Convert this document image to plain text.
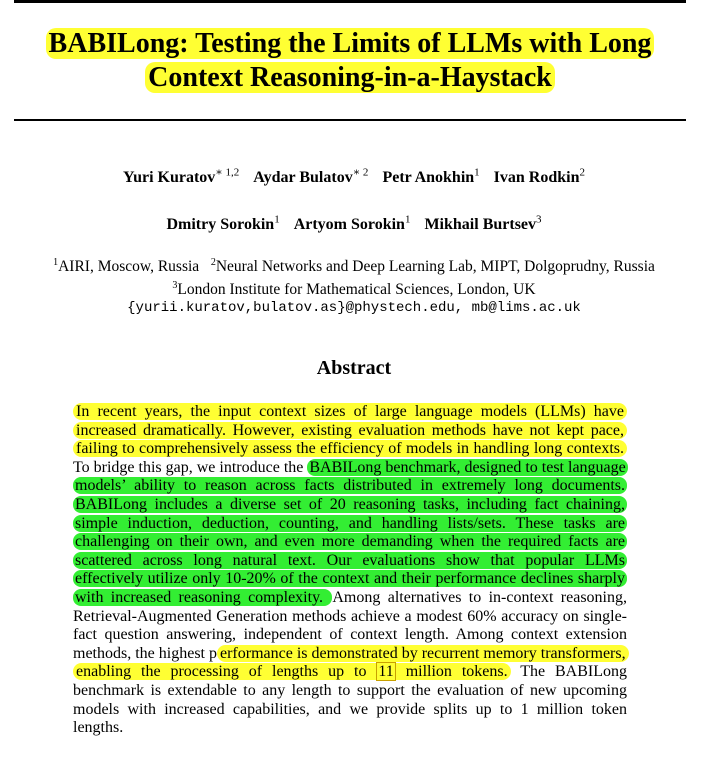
BABILong: Testing the Limits of LLMs with Long
Context Reasoning-in-a-Haystack
Yuri Kuratov$^{∗ 1,2}$ Aydar Bulatov$^{∗ 2}$ Petr Anokhin$^1$ Ivan Rodkin$^2$
Dmitry Sorokin$^1$ Artyom Sorokin$^1$ Mikhail Burtsev$^3$
$^1$AIRI, Moscow, Russia $^2$Neural Networks and Deep Learning Lab, MIPT, Dolgoprudny, Russia
$^3$London Institute for Mathematical Sciences, London, UK
{yurii.kuratov,bulatov.as}@phystech.edu, mb@lims.ac.uk
Abstract
In recent years, the input context sizes of large language models (LLMs) have increased dramatically. However, existing evaluation methods have not kept pace, failing to comprehensively assess the efficiency of models in handling long contexts. To bridge this gap, we introduce the BABILong benchmark, designed to test language models’ ability to reason across facts distributed in extremely long documents. BABILong includes a diverse set of 20 reasoning tasks, including fact chaining, simple induction, deduction, counting, and handling lists/sets. These tasks are challenging on their own, and even more demanding when the required facts are scattered across long natural text. Our evaluations show that popular LLMs effectively utilize only 10-20% of the context and their performance declines sharply with increased reasoning complexity. Among alternatives to in-context reasoning, Retrieval-Augmented Generation methods achieve a modest 60% accuracy on single-fact question answering, independent of context length. Among context extension methods, the highest p erformance is demonstrated by recurrent memory transformers, enabling the processing of lengths up to 11 million tokens. The BABILong benchmark is extendable to any length to support the evaluation of new upcoming models with increased capabilities, and we provide splits up to 1 million token lengths.
